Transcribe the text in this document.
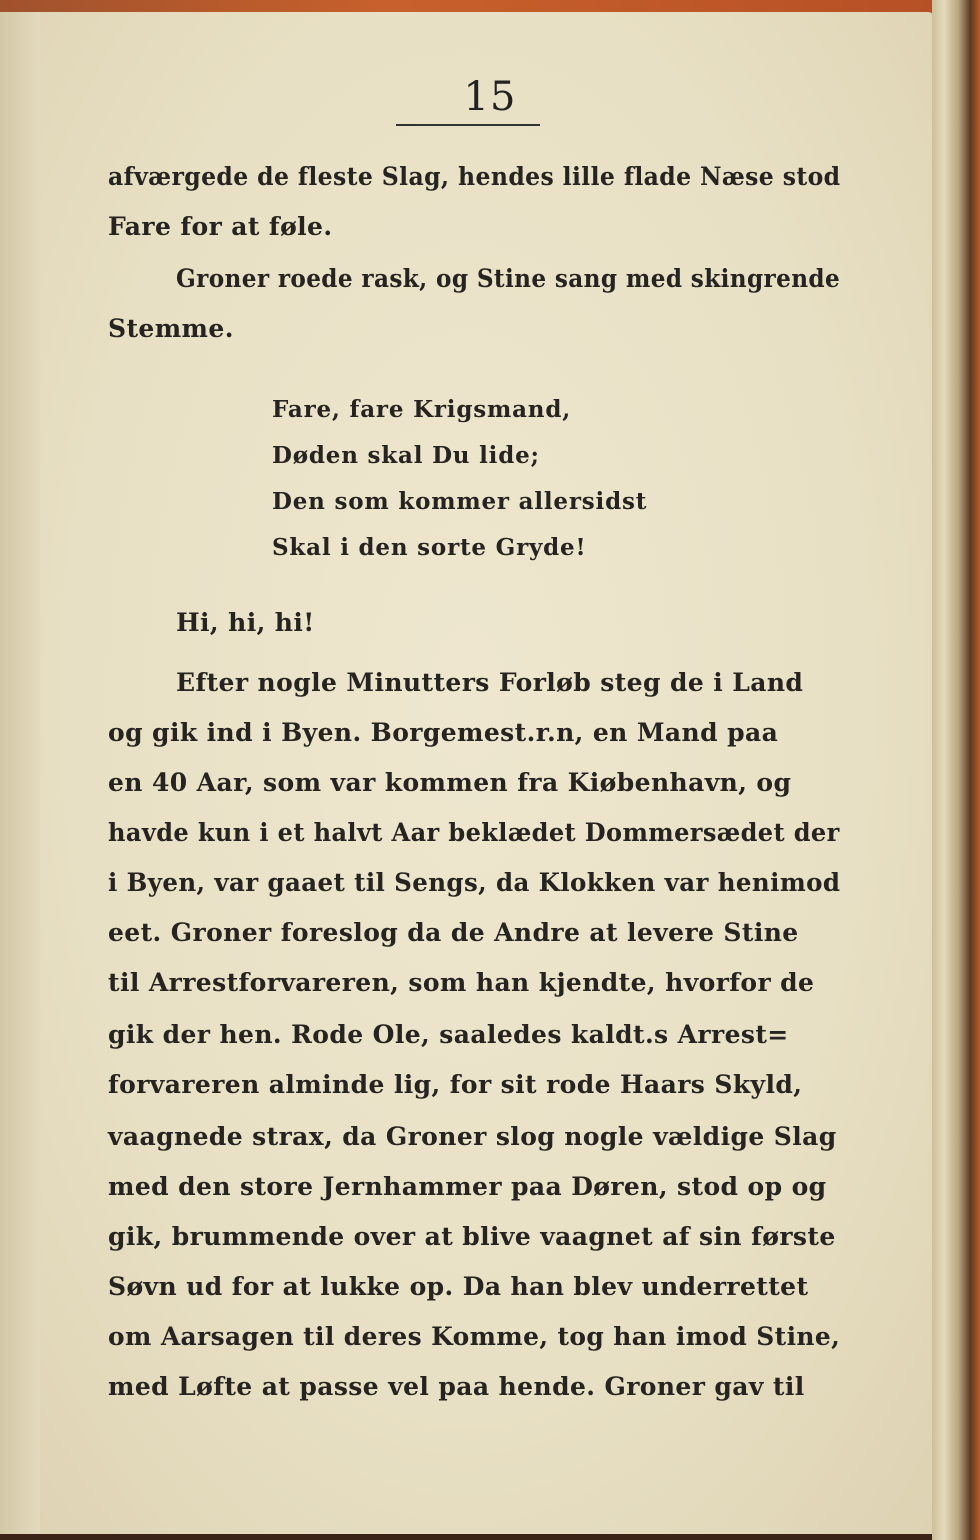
15
afværgede de fleste Slag, hendes lille flade Næse stod
Fare for at føle.
Groner roede rask, og Stine sang med skingrende
Stemme.
Fare, fare Krigsmand,
Døden skal Du lide;
Den som kommer allersidst
Skal i den sorte Gryde!
Hi, hi, hi!
Efter nogle Minutters Forløb steg de i Land
og gik ind i Byen. Borgemest.r.n, en Mand paa
en 40 Aar, som var kommen fra Kiøbenhavn, og
havde kun i et halvt Aar beklædet Dommersædet der
i Byen, var gaaet til Sengs, da Klokken var henimod
eet. Groner foreslog da de Andre at levere Stine
til Arrestforvareren, som han kjendte, hvorfor de
gik der hen. Rode Ole, saaledes kaldt.s Arrest=
forvareren alminde lig, for sit rode Haars Skyld,
vaagnede strax, da Groner slog nogle vældige Slag
med den store Jernhammer paa Døren, stod op og
gik, brummende over at blive vaagnet af sin første
Søvn ud for at lukke op. Da han blev underrettet
om Aarsagen til deres Komme, tog han imod Stine,
med Løfte at passe vel paa hende. Groner gav til
